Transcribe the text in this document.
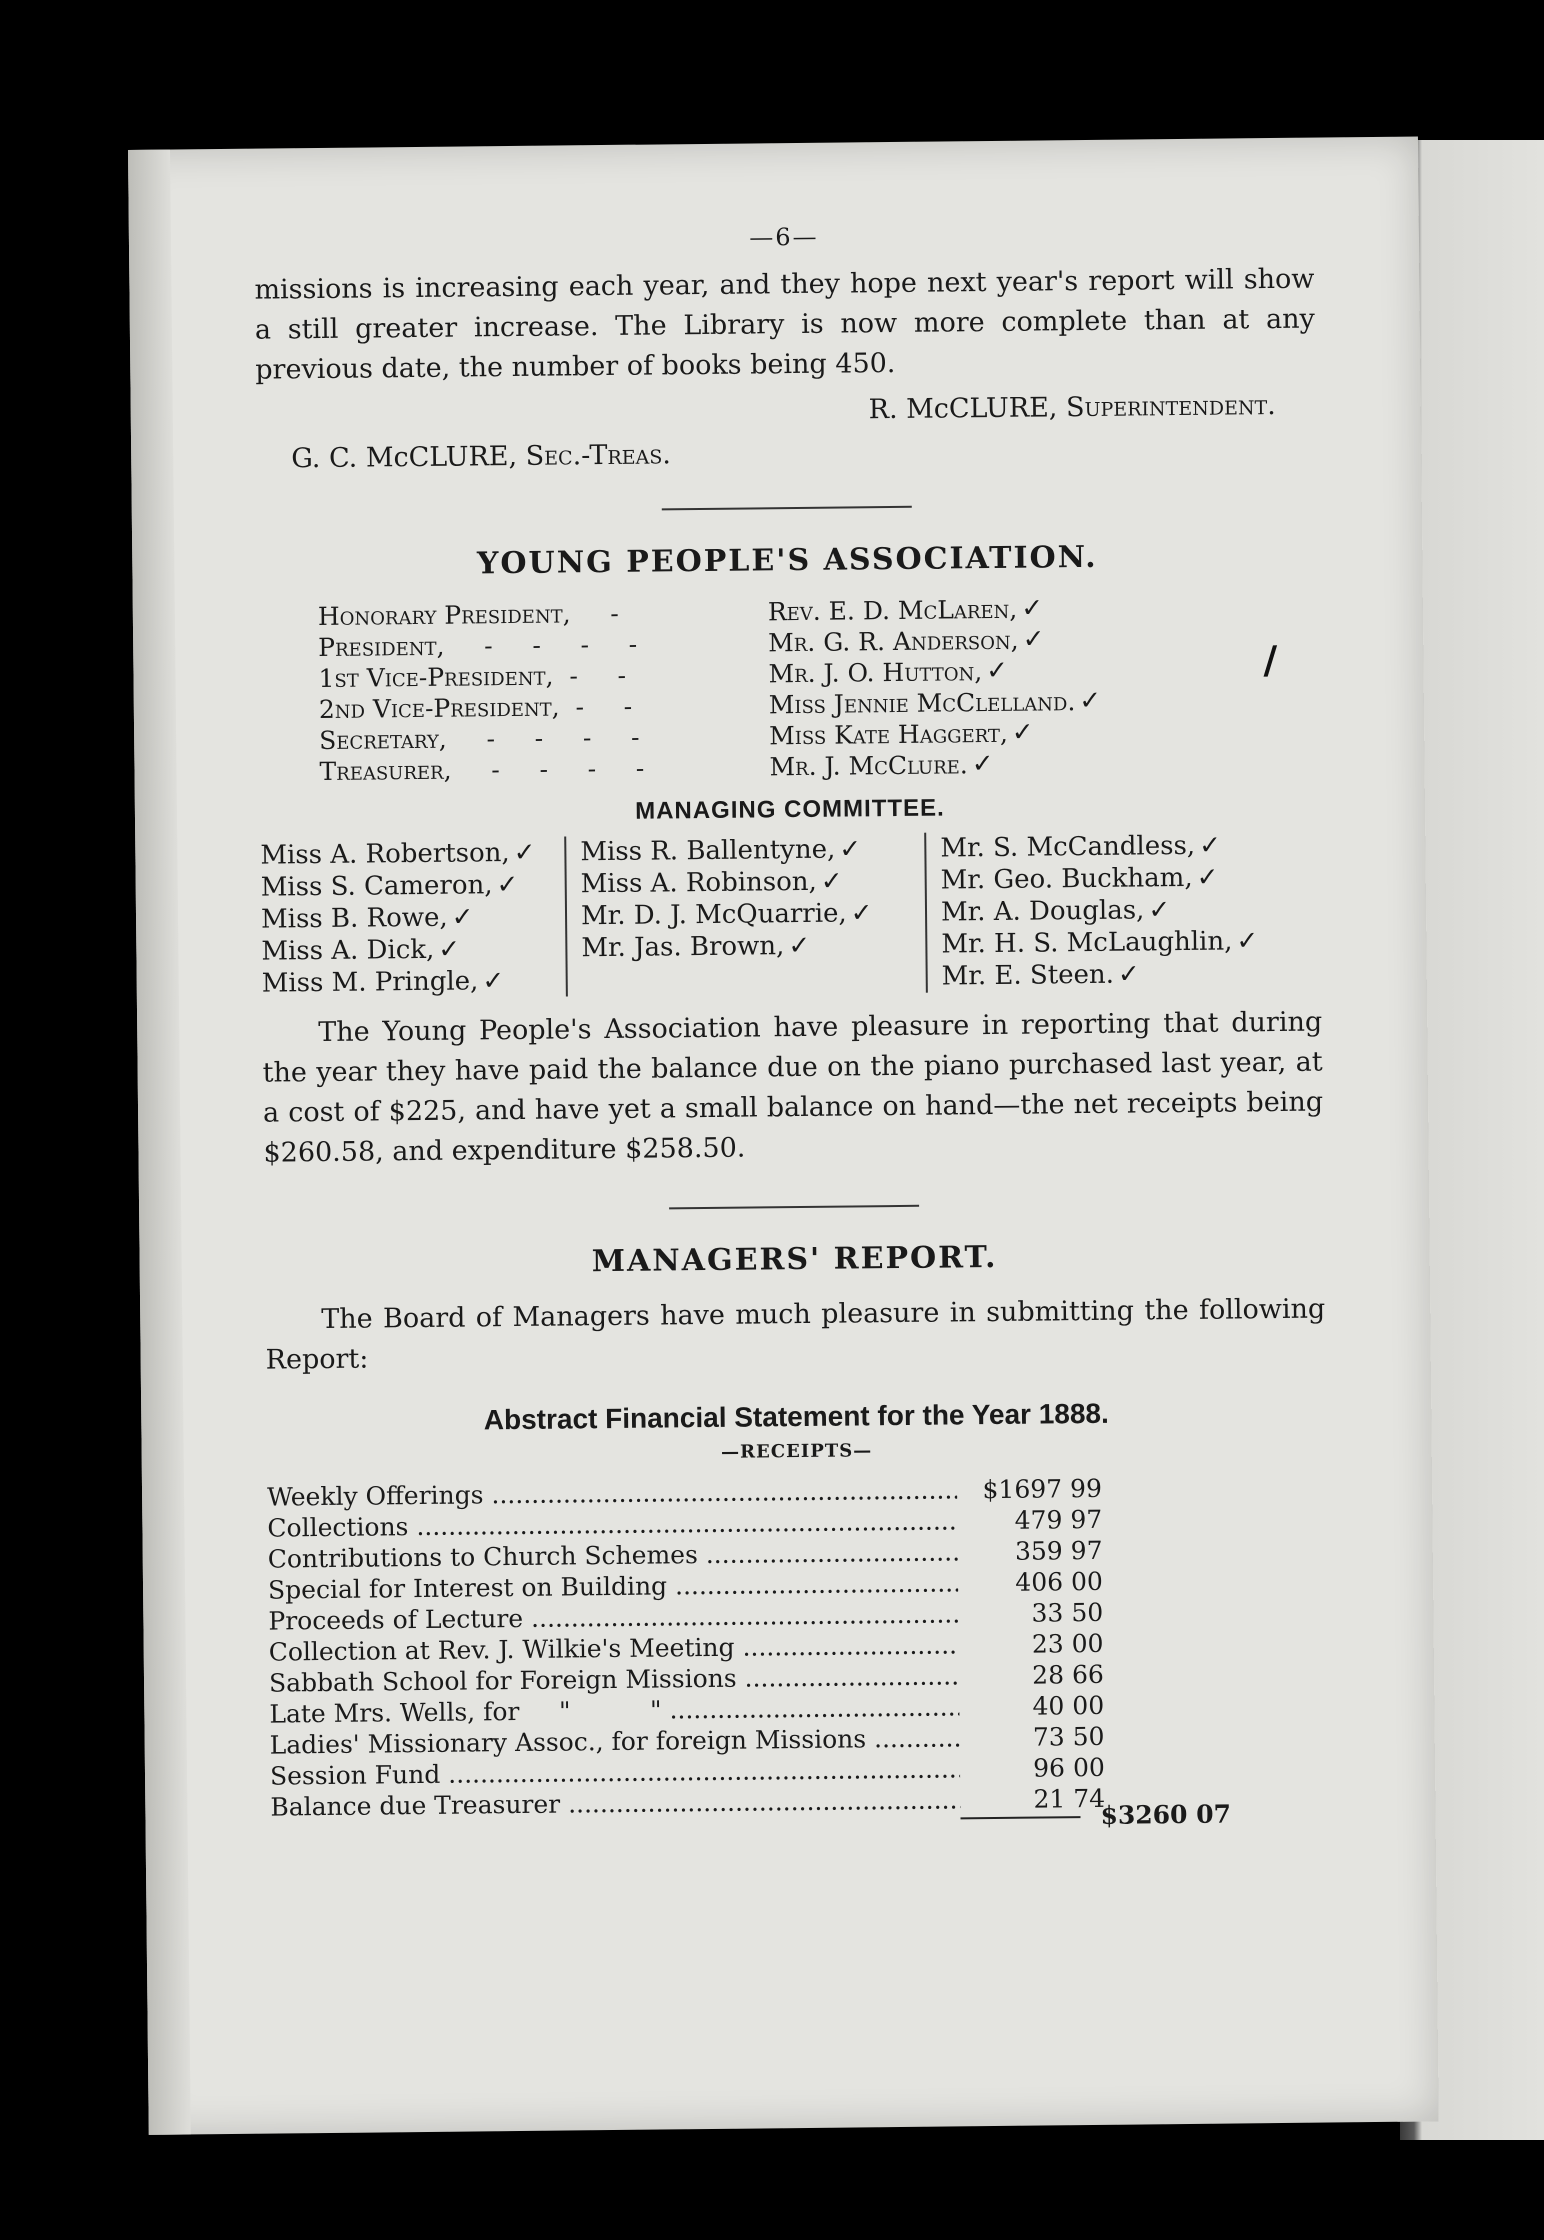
—6—

missions is increasing each year, and they hope next year's report will show a still greater increase. The Library is now more complete than at any previous date, the number of books being 450.

R. McCLURE, Superintendent.
G. C. McCLURE, Sec.-Treas.
YOUNG PEOPLE'S ASSOCIATION.
Honorary President,     -	Rev. E. D. McLaren, ✓
President,     -     -     -     -	Mr. G. R. Anderson, ✓
1st Vice-President,  -     -	Mr. J. O. Hutton, ✓
2nd Vice-President,  -     -	Miss Jennie McClelland. ✓
Secretary,     -     -     -     -	Miss Kate Haggert, ✓
Treasurer,     -     -     -     -	Mr. J. McClure. ✓
MANAGING COMMITTEE.
Miss A. Robertson, ✓
Miss S. Cameron, ✓
Miss B. Rowe, ✓
Miss A. Dick, ✓
Miss M. Pringle, ✓
Miss R. Ballentyne, ✓
Miss A. Robinson, ✓
Mr. D. J. McQuarrie, ✓
Mr. Jas. Brown, ✓
Mr. S. McCandless, ✓
Mr. Geo. Buckham, ✓
Mr. A. Douglas, ✓
Mr. H. S. McLaughlin, ✓
Mr. E. Steen. ✓

The Young People's Association have pleasure in reporting that during the year they have paid the balance due on the piano purchased last year, at a cost of $225, and have yet a small balance on hand—the net receipts being $260.58, and expenditure $258.50.

MANAGERS' REPORT.

The Board of Managers have much pleasure in submitting the following Report:

Abstract Financial Statement for the Year 1888.
—RECEIPTS—
Weekly Offerings .....	$1697 99
Collections .....	479 97
Contributions to Church Schemes .....	359 97
Special for Interest on Building .....	406 00
Proceeds of Lecture .....	33 50
Collection at Rev. J. Wilkie's Meeting .....	23 00
Sabbath School for Foreign Missions .....	28 66
Late Mrs. Wells, for     "          " .....	40 00
Ladies' Missionary Assoc., for foreign Missions .....	73 50
Session Fund .....	96 00
Balance due Treasurer .....	21 74
$3260 07
/
